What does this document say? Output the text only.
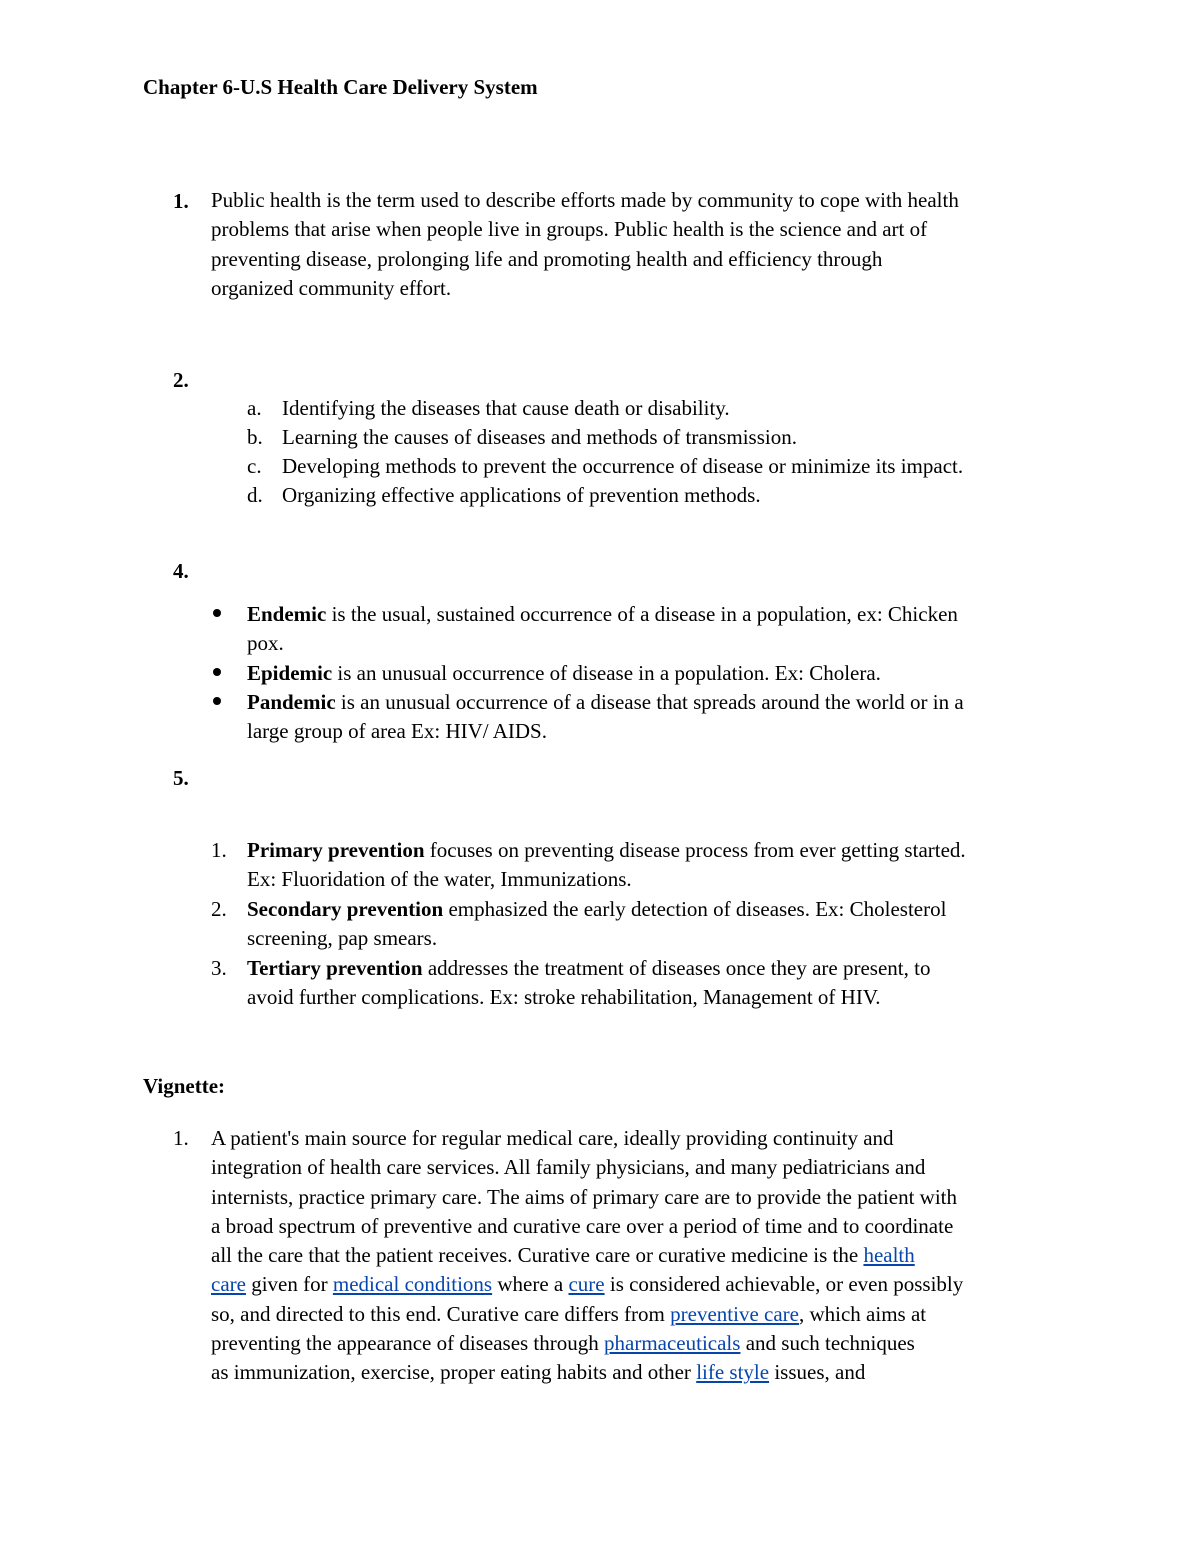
Chapter 6-U.S Health Care Delivery System
1. Public health is the term used to describe efforts made by community to cope with health
problems that arise when people live in groups. Public health is the science and art of
preventing disease, prolonging life and promoting health and efficiency through
organized community effort.
2.
a. Identifying the diseases that cause death or disability.
b. Learning the causes of diseases and methods of transmission.
c. Developing methods to prevent the occurrence of disease or minimize its impact.
d. Organizing effective applications of prevention methods.
4.
Endemic is the usual, sustained occurrence of a disease in a population, ex: Chicken
pox.
Epidemic is an unusual occurrence of disease in a population. Ex: Cholera.
Pandemic is an unusual occurrence of a disease that spreads around the world or in a
large group of area Ex: HIV/ AIDS.
5.
1. Primary prevention focuses on preventing disease process from ever getting started.
Ex: Fluoridation of the water, Immunizations.
2. Secondary prevention emphasized the early detection of diseases. Ex: Cholesterol
screening, pap smears.
3. Tertiary prevention addresses the treatment of diseases once they are present, to
avoid further complications. Ex: stroke rehabilitation, Management of HIV.
Vignette:
1. A patient's main source for regular medical care, ideally providing continuity and
integration of health care services. All family physicians, and many pediatricians and
internists, practice primary care. The aims of primary care are to provide the patient with
a broad spectrum of preventive and curative care over a period of time and to coordinate
all the care that the patient receives. Curative care or curative medicine is the health
care given for medical conditions where a cure is considered achievable, or even possibly
so, and directed to this end. Curative care differs from preventive care, which aims at
preventing the appearance of diseases through pharmaceuticals and such techniques
as immunization, exercise, proper eating habits and other life style issues, and
